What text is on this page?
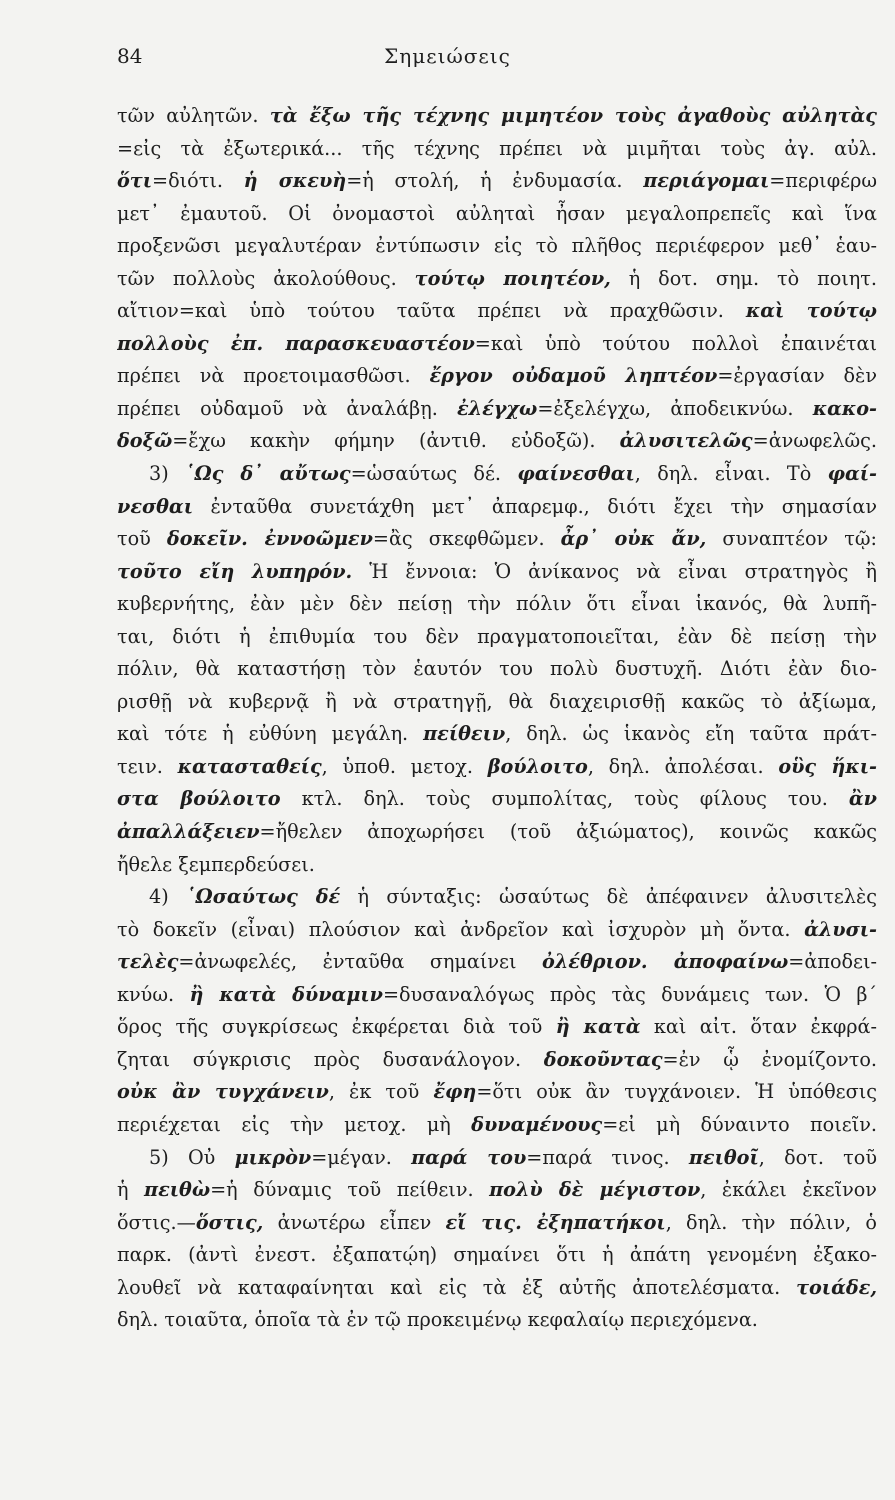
84	Σημειώσεις
τῶν αὐλητῶν. τὰ ἔξω τῆς τέχνης μιμητέον τοὺς ἀγαθοὺς αὐλητὰς
=εἰς τὰ ἐξωτερικά... τῆς τέχνης πρέπει νὰ μιμῆται τοὺς ἀγ. αὐλ.
ὅτι=διότι. ἡ σκευὴ=ἡ στολή, ἡ ἐνδυμασία. περιάγομαι=περιφέρω
μετ᾽ ἐμαυτοῦ. Οἱ ὀνομαστοὶ αὐληταὶ ἦσαν μεγαλοπρεπεῖς καὶ ἵνα
προξενῶσι μεγαλυτέραν ἐντύπωσιν εἰς τὸ πλῆθος περιέφερον μεθ᾽ ἑαυ-
τῶν πολλοὺς ἀκολούθους. τούτῳ ποιητέον, ἡ δοτ. σημ. τὸ ποιητ.
αἴτιον=καὶ ὑπὸ τούτου ταῦτα πρέπει νὰ πραχθῶσιν. καὶ τούτῳ
πολλοὺς ἐπ. παρασκευαστέον=καὶ ὑπὸ τούτου πολλοὶ ἐπαινέται
πρέπει νὰ προετοιμασθῶσι. ἔργον οὐδαμοῦ ληπτέον=ἐργασίαν δὲν
πρέπει οὐδαμοῦ νὰ ἀναλάβῃ. ἐλέγχω=ἐξελέγχω, ἀποδεικνύω. κακο-
δοξῶ=ἔχω κακὴν φήμην (ἀντιθ. εὐδοξῶ). ἀλυσιτελῶς=ἀνωφελῶς.
3) ῾Ως δ᾽ αὔτως=ὡσαύτως δέ. φαίνεσθαι, δηλ. εἶναι. Τὸ φαί-
νεσθαι ἐνταῦθα συνετάχθη μετ᾽ ἀπαρεμφ., διότι ἔχει τὴν σημασίαν
τοῦ δοκεῖν. ἐννοῶμεν=ἂς σκεφθῶμεν. ἆρ᾽ οὐκ ἄν, συναπτέον τῷ:
τοῦτο εἴη λυπηρόν. Ἡ ἔννοια: Ὁ ἀνίκανος νὰ εἶναι στρατηγὸς ἢ
κυβερνήτης, ἐὰν μὲν δὲν πείσῃ τὴν πόλιν ὅτι εἶναι ἱκανός, θὰ λυπῆ-
ται, διότι ἡ ἐπιθυμία του δὲν πραγματοποιεῖται, ἐὰν δὲ πείσῃ τὴν
πόλιν, θὰ καταστήσῃ τὸν ἑαυτόν του πολὺ δυστυχῆ. Διότι ἐὰν διο-
ρισθῇ νὰ κυβερνᾷ ἢ νὰ στρατηγῇ, θὰ διαχειρισθῇ κακῶς τὸ ἀξίωμα,
καὶ τότε ἡ εὐθύνη μεγάλη. πείθειν, δηλ. ὡς ἱκανὸς εἴη ταῦτα πράτ-
τειν. κατασταθείς, ὑποθ. μετοχ. βούλοιτο, δηλ. ἀπολέσαι. οὓς ἥκι-
στα βούλοιτο κτλ. δηλ. τοὺς συμπολίτας, τοὺς φίλους του. ἂν
ἀπαλλάξειεν=ἤθελεν ἀποχωρήσει (τοῦ ἀξιώματος), κοινῶς κακῶς
ἤθελε ξεμπερδεύσει.
4) ῾Ωσαύτως δέ ἡ σύνταξις: ὡσαύτως δὲ ἀπέφαινεν ἀλυσιτελὲς
τὸ δοκεῖν (εἶναι) πλούσιον καὶ ἀνδρεῖον καὶ ἰσχυρὸν μὴ ὄντα. ἀλυσι-
τελὲς=ἀνωφελές, ἐνταῦθα σημαίνει ὀλέθριον. ἀποφαίνω=ἀποδει-
κνύω. ἢ κατὰ δύναμιν=δυσαναλόγως πρὸς τὰς δυνάμεις των. Ὁ β´
ὅρος τῆς συγκρίσεως ἐκφέρεται διὰ τοῦ ἢ κατὰ καὶ αἰτ. ὅταν ἐκφρά-
ζηται σύγκρισις πρὸς δυσανάλογον. δοκοῦντας=ἐν ᾧ ἐνομίζοντο.
οὐκ ἂν τυγχάνειν, ἐκ τοῦ ἔφη=ὅτι οὐκ ἂν τυγχάνοιεν. Ἡ ὑπόθεσις
περιέχεται εἰς τὴν μετοχ. μὴ δυναμένους=εἰ μὴ δύναιντο ποιεῖν.
5) Οὐ μικρὸν=μέγαν. παρά του=παρά τινος. πειθοῖ, δοτ. τοῦ
ἡ πειθὼ=ἡ δύναμις τοῦ πείθειν. πολὺ δὲ μέγιστον, ἐκάλει ἐκεῖνον
ὅστις.—ὅστις, ἀνωτέρω εἶπεν εἴ τις. ἐξηπατήκοι, δηλ. τὴν πόλιν, ὁ
παρκ. (ἀντὶ ἐνεστ. ἐξαπατῴη) σημαίνει ὅτι ἡ ἀπάτη γενομένη ἐξακο-
λουθεῖ νὰ καταφαίνηται καὶ εἰς τὰ ἐξ αὐτῆς ἀποτελέσματα. τοιάδε,
δηλ. τοιαῦτα, ὁποῖα τὰ ἐν τῷ προκειμένῳ κεφαλαίῳ περιεχόμενα.
